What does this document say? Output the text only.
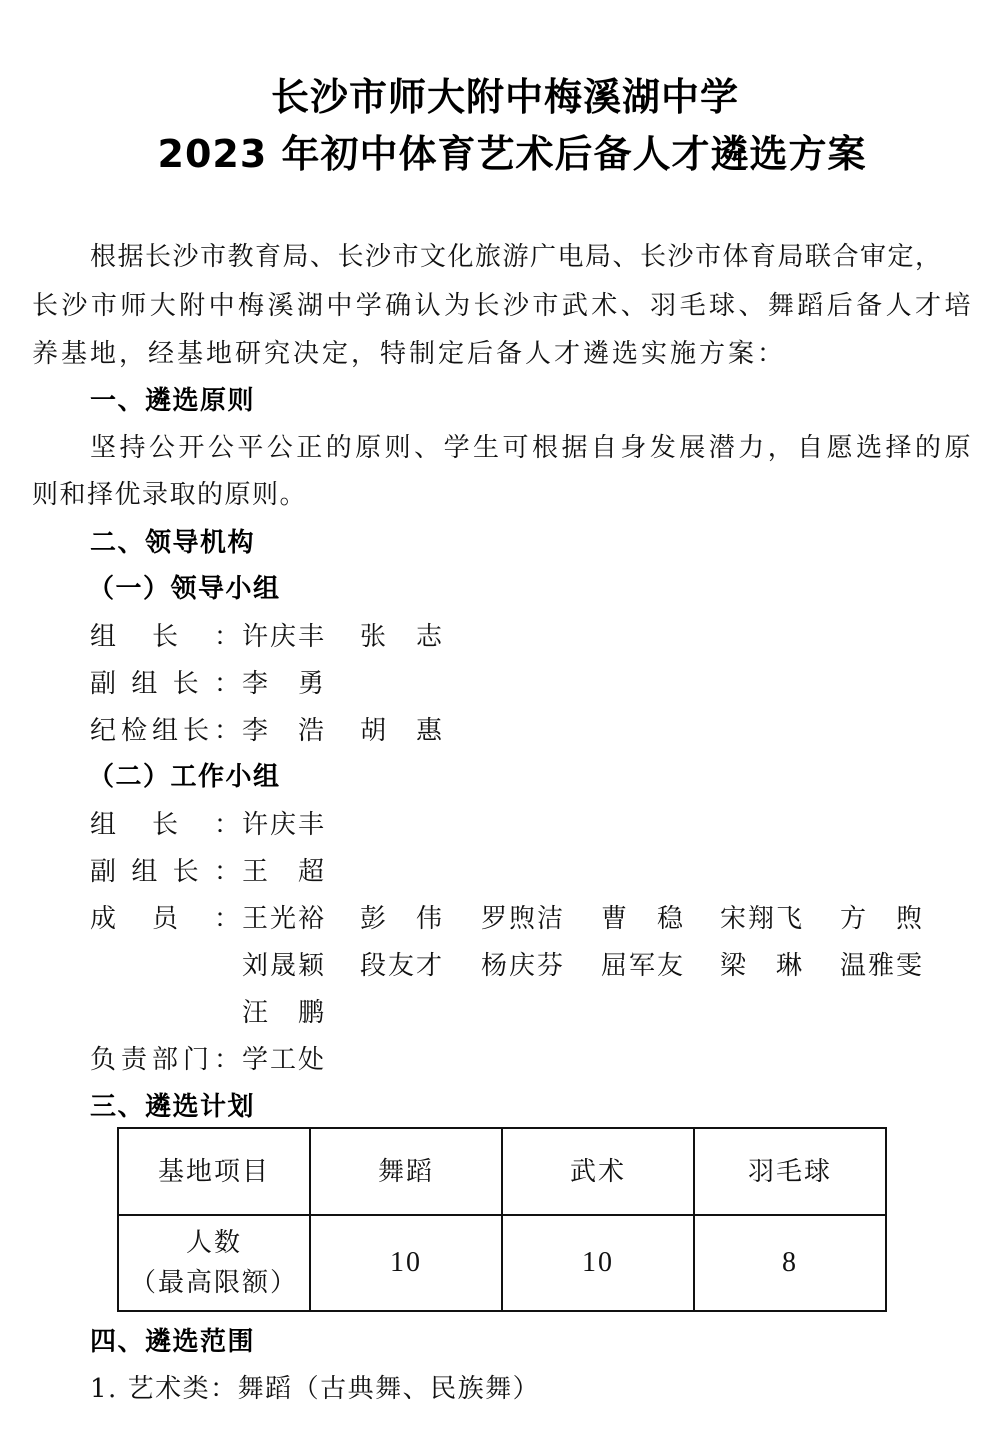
长沙市师大附中梅溪湖中学
2023 年初中体育艺术后备人才遴选方案
根据长沙市教育局、长沙市文化旅游广电局、长沙市体育局联合审定，
长沙市师大附中梅溪湖中学确认为长沙市武术、羽毛球、舞蹈后备人才培
养基地，经基地研究决定，特制定后备人才遴选实施方案：
一、遴选原则
坚持公开公平公正的原则、学生可根据自身发展潜力，自愿选择的原
则和择优录取的原则。
二、领导机构
（一）领导小组
组长： 许庆丰 张　志
副组长： 李　勇
纪检组长： 李　浩 胡　惠
（二）工作小组
组长： 许庆丰
副组长： 王　超
成员： 王光裕 彭　伟 罗煦洁 曹　稳 宋翔飞 方　煦
刘晟颖 段友才 杨庆芬 屈军友 梁　琳 温雅雯
汪　鹏
负责部门： 学工处
三、遴选计划
基地项目	舞蹈	武术	羽毛球

人数
（最高限额）	10	10	8
四、遴选范围
1. 艺术类：舞蹈（古典舞、民族舞）
